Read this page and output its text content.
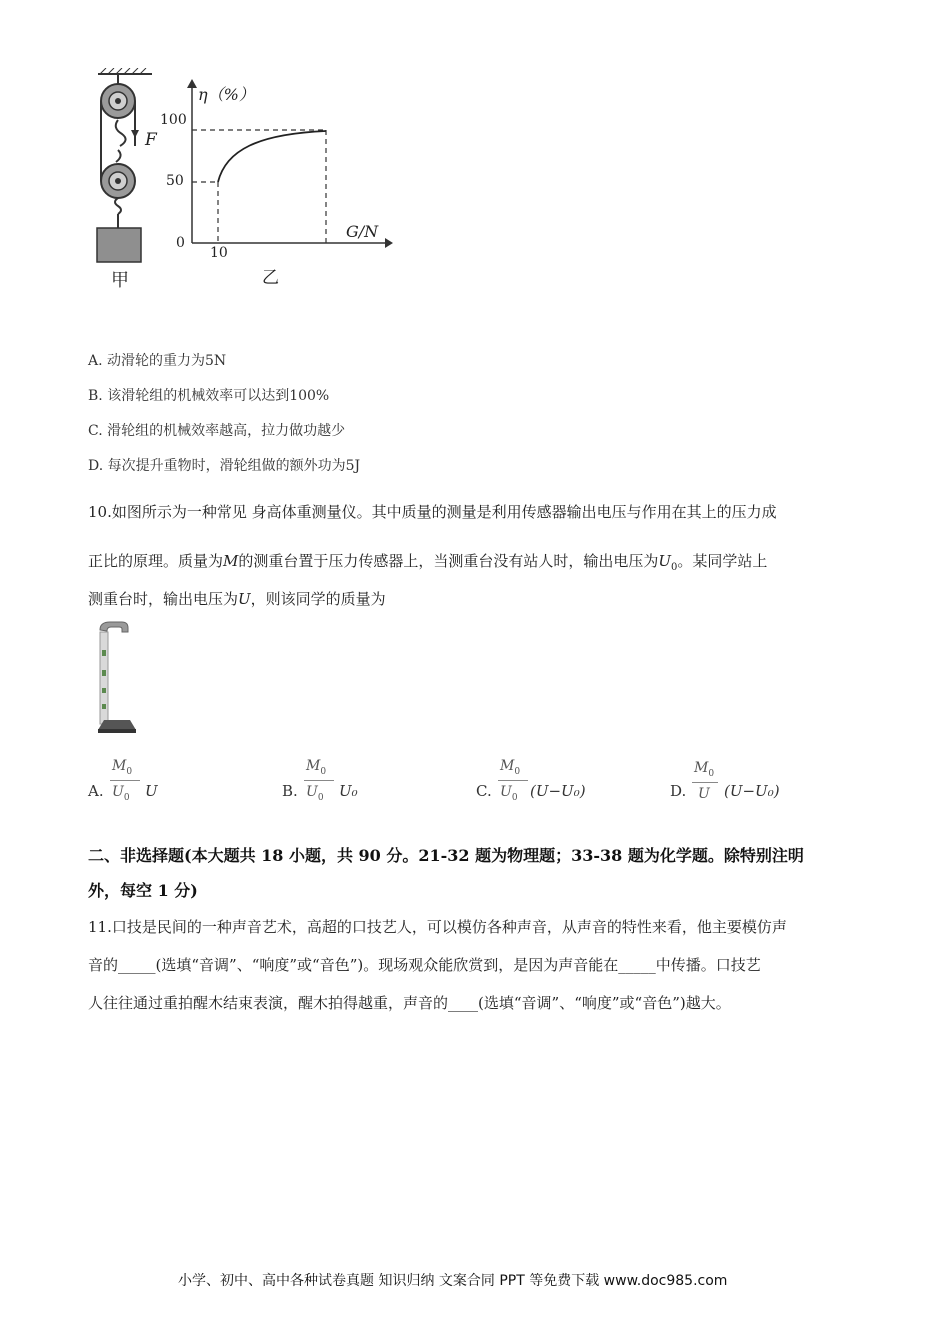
F
甲	乙
η（%）
G/N
100
50
0
10
A. 动滑轮的重力为5N
B. 该滑轮组的机械效率可以达到100%
C. 滑轮组的机械效率越高，拉力做功越少
D. 每次提升重物时，滑轮组做的额外功为5J
10.如图所示为一种常见 身高体重测量仪。其中质量的测量是利用传感器输出电压与作用在其上的压力成
正比的原理。质量为M的测重台置于压力传感器上，当测重台没有站人时，输出电压为$U_0$。某同学站上
测重台时，输出电压为U，则该同学的质量为
A.
$M_0$
$U_0$ U	B.
$M_0$
$U_0$ U₀	C.
$M_0$
$U_0$ (U−U₀)	D.
$M_0$
U (U−U₀)
二、非选择题(本大题共 18 小题，共 90 分。21-32 题为物理题；33-38 题为化学题。除特别注明
外，每空 1 分)
11.口技是民间的一种声音艺术，高超的口技艺人，可以模仿各种声音，从声音的特性来看，他主要模仿声
音的_____(选填“音调”、“响度”或“音色”)。现场观众能欣赏到，是因为声音能在_____中传播。口技艺
人往往通过重拍醒木结束表演，醒木拍得越重，声音的____(选填“音调”、“响度”或“音色”)越大。
小学、初中、高中各种试卷真题 知识归纳 文案合同 PPT 等免费下载 www.doc985.com
